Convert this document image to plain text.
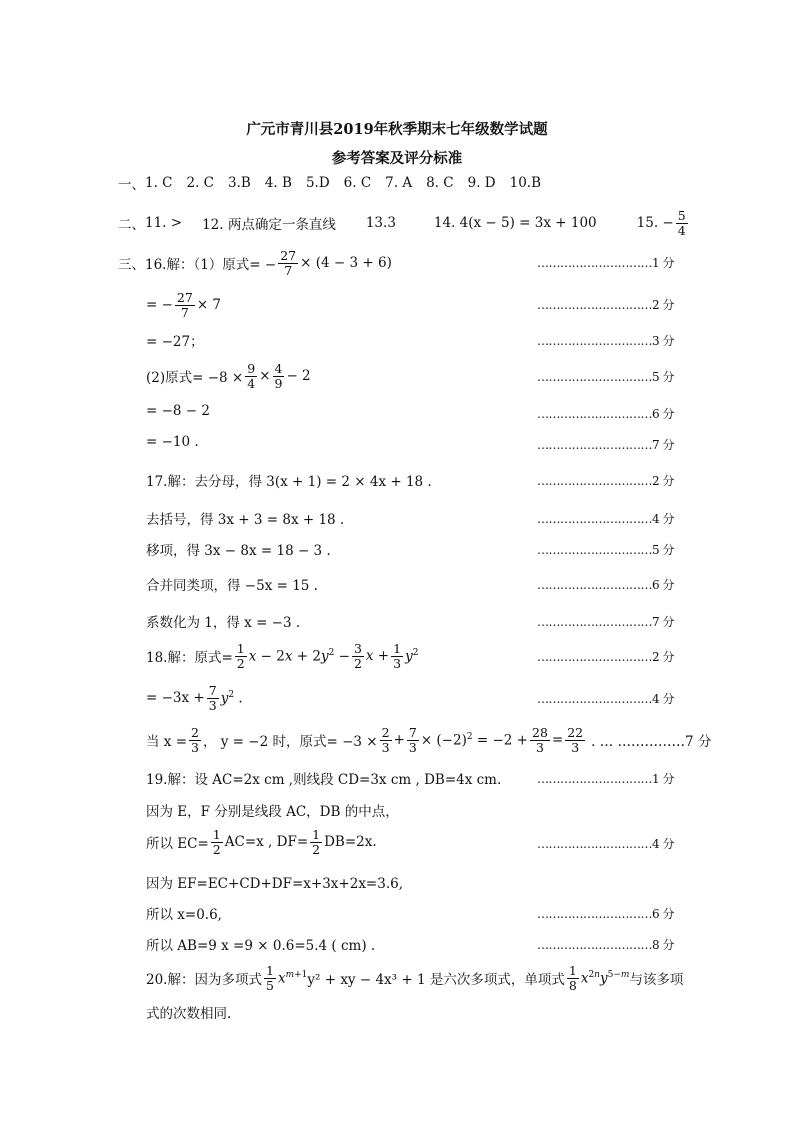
广元市青川县2019年秋季期末七年级数学试题
参考答案及评分标准
一、 1. C 2. C 3.B 4. B 5.D 6. C 7. A 8. C 9. D 10.B
二、 11. > 12. 两点确定一条直线 13.3	14. 4(x − 5) = 3x + 100	15. − $\frac{5}{4}$
三、 16.解：（1）原式= − $\frac{27}{7} \times (4 - 3 + 6)$	…………………………1 分
= − $\frac{27}{7} \times 7$	…………………………2 分
= −27；	…………………………3 分
(2)原式= $-8 \times \frac{9}{4} \times \frac{4}{9} - 2$	…………………………5 分
= −8 − 2	…………………………6 分
= −10 .	…………………………7 分
17.解：去分母，得 3(x + 1) = 2 × 4x + 18 .	…………………………2 分
去括号，得 3x + 3 = 8x + 18 .	…………………………4 分
移项，得 3x − 8x = 18 − 3 .	…………………………5 分
合并同类项，得 −5x = 15 .	…………………………6 分
系数化为 1，得 x = −3 .	…………………………7 分
18.解：原式= $\frac{1}{2}$ $x - 2x + 2y^2 - \frac{3}{2}$ $x + \frac{1}{3} y^2$	…………………………2 分
= $-3x + \frac{7}{3} y^2$ .	…………………………4 分
当 $x = \frac{2}{3}$ ， y = −2 时，原式= $-3 \times \frac{2}{3} + \frac{7}{3} \times (-2)^2 = -2 + \frac{28}{3} = \frac{22}{3}$ . … ……………7 分
19.解：设 AC=2x cm ,则线段 CD=3x cm , DB=4x cm.	…………………………1 分
因为 E，F 分别是线段 AC，DB 的中点，
所以 $EC= \frac{1}{2} AC=x$ , $DF= \frac{1}{2} DB=2x$.	…………………………4 分
因为 EF=EC+CD+DF=x+3x+2x=3.6,
所以 x=0.6,	…………………………6 分
所以 AB=9 x =9 × 0.6=5.4 ( cm) .	…………………………8 分
20.解：因为多项式 $\frac{1}{5} x^{m+1}$ y² + xy − 4x³ + 1 是六次多项式，单项式 $\frac{1}{8} x^{2n}y^{5-m}$ 与该多项
式的次数相同.
